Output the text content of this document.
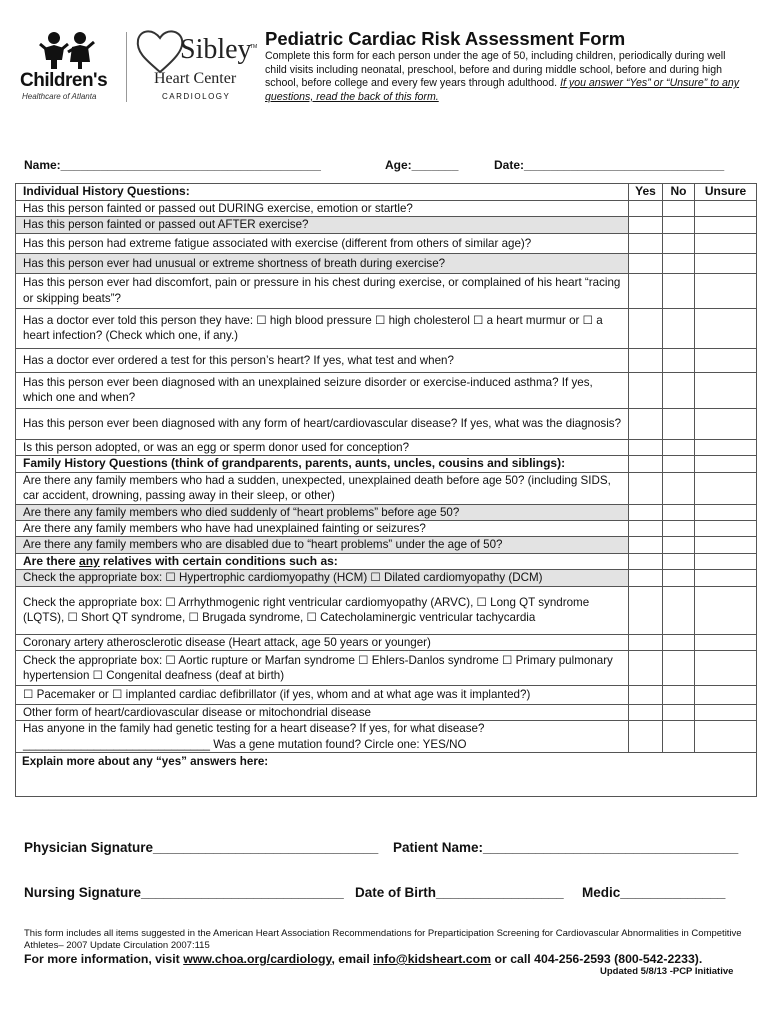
Children's
Healthcare of Atlanta
Sibley
TM
Heart Center
CARDIOLOGY
Pediatric Cardiac Risk Assessment Form
Complete this form for each person under the age of 50, including children, periodically during well child visits including neonatal, preschool, before and during middle school, before and during high school, before college and every few years through adulthood. If you answer “Yes” or “Unsure” to any questions, read the back of this form.
Name:_______________________________________	Age:_______	Date:______________________________
Individual History Questions:	Yes	No	Unsure
Has this person fainted or passed out DURING exercise, emotion or startle?			
Has this person fainted or passed out AFTER exercise?			
Has this person had extreme fatigue associated with exercise (different from others of similar age)?			
Has this person ever had unusual or extreme shortness of breath during exercise?			
Has this person ever had discomfort, pain or pressure in his chest during exercise, or complained of his heart “racing or skipping beats”?			
Has a doctor ever told this person they have: ☐ high blood pressure ☐ high cholesterol ☐ a heart murmur or ☐ a heart infection? (Check which one, if any.)			
Has a doctor ever ordered a test for this person’s heart? If yes, what test and when?			
Has this person ever been diagnosed with an unexplained seizure disorder or exercise-induced asthma? If yes, which one and when?			
Has this person ever been diagnosed with any form of heart/cardiovascular disease? If yes, what was the diagnosis?			
Is this person adopted, or was an egg or sperm donor used for conception?			
Family History Questions (think of grandparents, parents, aunts, uncles, cousins and siblings):			
Are there any family members who had a sudden, unexpected, unexplained death before age 50? (including SIDS, car accident, drowning, passing away in their sleep, or other)			
Are there any family members who died suddenly of “heart problems” before age 50?			
Are there any family members who have had unexplained fainting or seizures?			
Are there any family members who are disabled due to “heart problems” under the age of 50?			
Are there any relatives with certain conditions such as:			
Check the appropriate box: ☐ Hypertrophic cardiomyopathy (HCM) ☐ Dilated cardiomyopathy (DCM)			
Check the appropriate box: ☐ Arrhythmogenic right ventricular cardiomyopathy (ARVC), ☐ Long QT syndrome (LQTS), ☐ Short QT syndrome, ☐ Brugada syndrome, ☐ Catecholaminergic ventricular tachycardia			
Coronary artery atherosclerotic disease (Heart attack, age 50 years or younger)			
Check the appropriate box: ☐ Aortic rupture or Marfan syndrome ☐ Ehlers-Danlos syndrome ☐ Primary pulmonary hypertension ☐ Congenital deafness (deaf at birth)			
☐ Pacemaker or ☐ implanted cardiac defibrillator (if yes, whom and at what age was it implanted?)			
Other form of heart/cardiovascular disease or mitochondrial disease			

Has anyone in the family had genetic testing for a heart disease? If yes, for what disease?
_____________________________ Was a gene mutation found? Circle one: YES/NO			

Explain more about any “yes” answers here:			
Physician Signature______________________________ Patient Name:__________________________________
Nursing Signature___________________________ Date of Birth_________________ Medic______________
This form includes all items suggested in the American Heart Association Recommendations for Preparticipation Screening for Cardiovascular Abnormalities in Competitive Athletes– 2007 Update Circulation 2007:115
For more information, visit www.choa.org/cardiology, email info@kidsheart.com or call 404-256-2593 (800-542-2233).
Updated 5/8/13 -PCP Initiative
